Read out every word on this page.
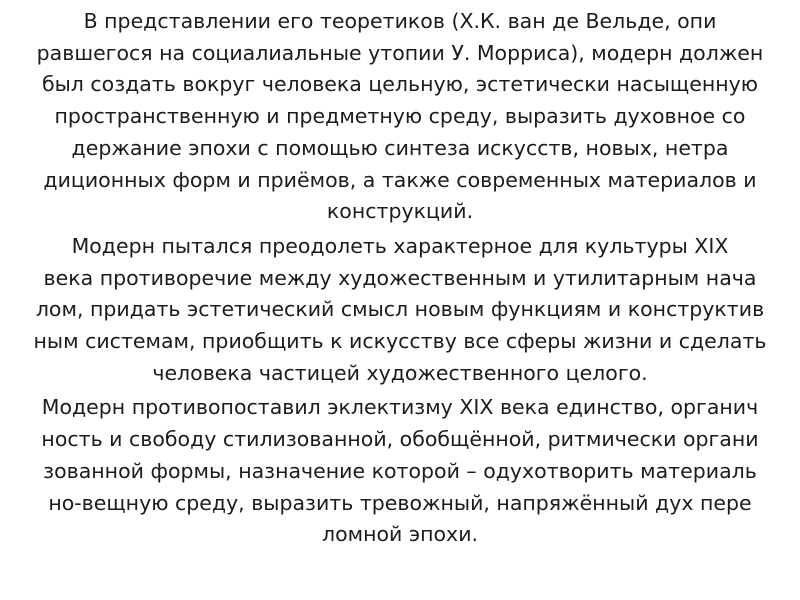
В представлении его теоретиков (Х.К. ван де Вельде, опи
равшегося на социалиальные утопии У. Морриса), модерн должен
был создать вокруг человека цельную, эстетически насыщенную
пространственную и предметную среду, выразить духовное со
держание эпохи с помощью синтеза искусств, новых, нетра
диционных форм и приёмов, а также современных материалов и
конструкций.
Модерн пытался преодолеть характерное для культуры XIX
века противоречие между художественным и утилитарным нача
лом, придать эстетический смысл новым функциям и конструктив
ным системам, приобщить к искусству все сферы жизни и сделать
человека частицей художественного целого.
Модерн противопоставил эклектизму XIX века единство, органич
ность и свободу стилизованной, обобщённой, ритмически органи
зованной формы, назначение которой – одухотворить материаль
но-вещную среду, выразить тревожный, напряжённый дух пере
ломной эпохи.
